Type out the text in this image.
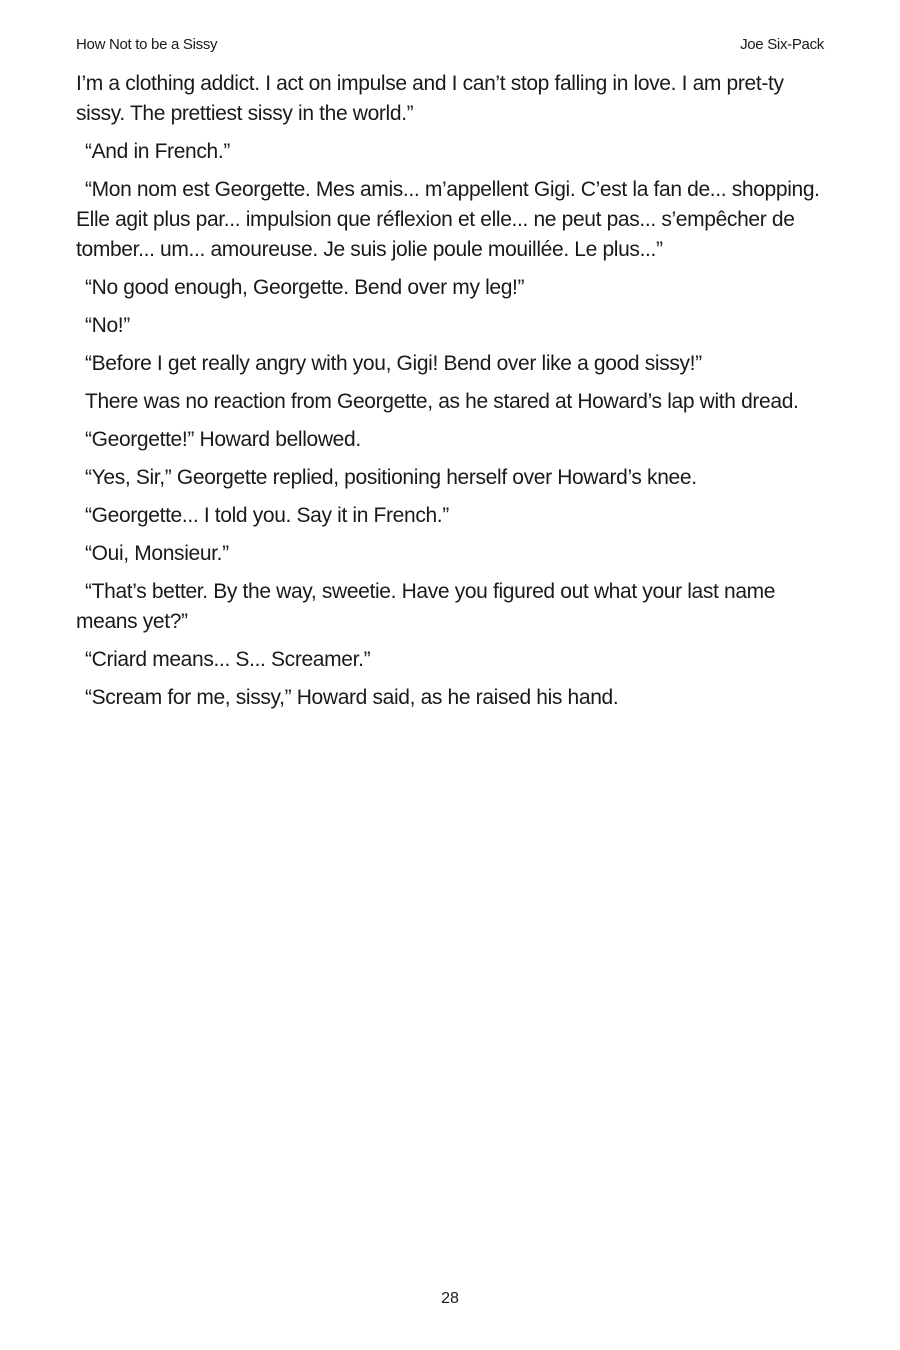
How Not to be a Sissy	Joe Six-Pack

I’m a clothing addict. I act on impulse and I can’t stop falling in love. I am pret-ty sissy. The prettiest sissy in the world.”

“And in French.”

“Mon nom est Georgette. Mes amis... m’appellent Gigi. C’est la fan de... shopping. Elle agit plus par... impulsion que réflexion et elle... ne peut pas... s’empêcher de tomber... um... amoureuse. Je suis jolie poule mouillée. Le plus...”

“No good enough, Georgette. Bend over my leg!”

“No!”

“Before I get really angry with you, Gigi! Bend over like a good sissy!”

There was no reaction from Georgette, as he stared at Howard’s lap with dread.

“Georgette!” Howard bellowed.

“Yes, Sir,” Georgette replied, positioning herself over Howard’s knee.

“Georgette... I told you. Say it in French.”

“Oui, Monsieur.”

“That’s better. By the way, sweetie. Have you figured out what your last name means yet?”

“Criard means... S... Screamer.”

“Scream for me, sissy,” Howard said, as he raised his hand.

28
